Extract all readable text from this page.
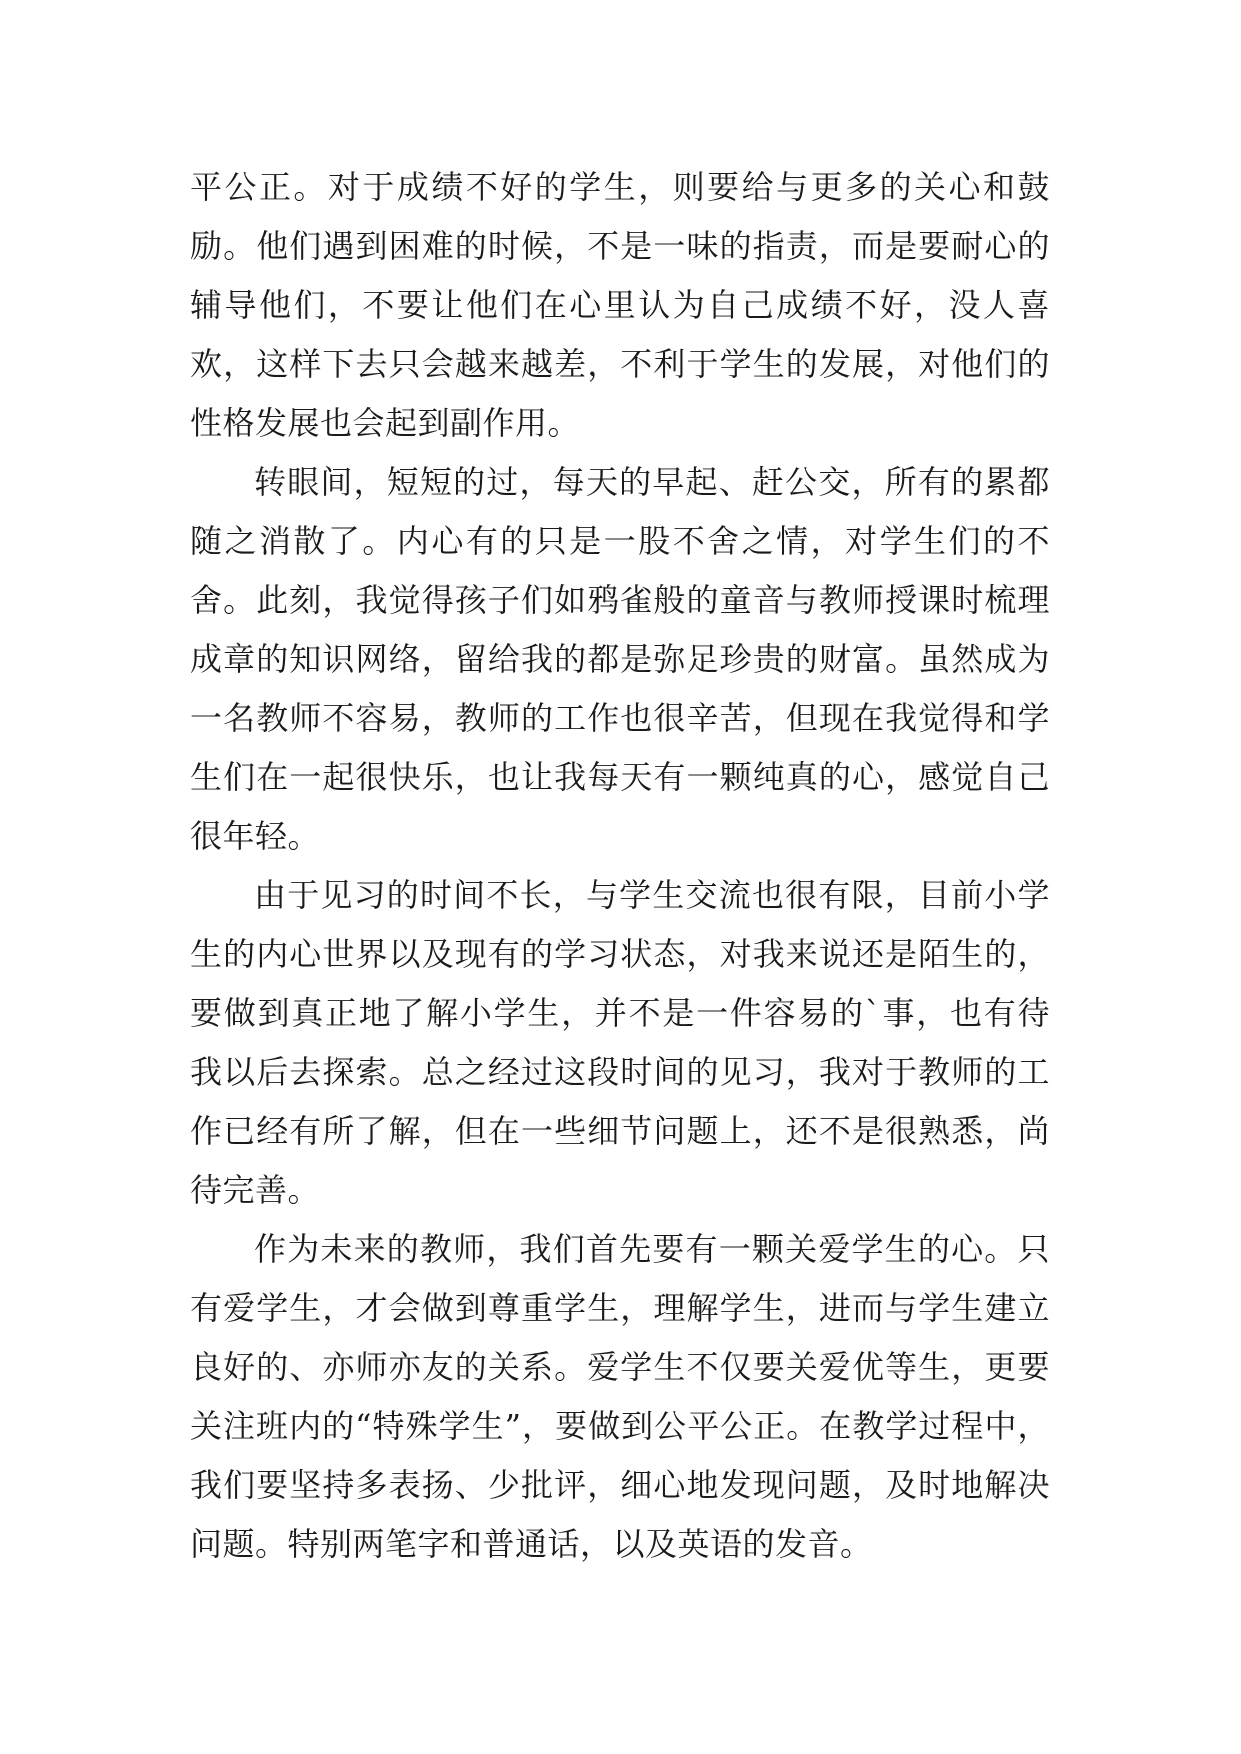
平公正。对于成绩不好的学生，则要给与更多的关心和鼓励。他们遇到困难的时候，不是一味的指责，而是要耐心的辅导他们，不要让他们在心里认为自己成绩不好，没人喜欢，这样下去只会越来越差，不利于学生的发展，对他们的性格发展也会起到副作用。

转眼间，短短的过，每天的早起、赶公交，所有的累都随之消散了。内心有的只是一股不舍之情，对学生们的不舍。此刻，我觉得孩子们如鸦雀般的童音与教师授课时梳理成章的知识网络，留给我的都是弥足珍贵的财富。虽然成为一名教师不容易，教师的工作也很辛苦，但现在我觉得和学生们在一起很快乐，也让我每天有一颗纯真的心，感觉自己很年轻。

由于见习的时间不长，与学生交流也很有限，目前小学生的内心世界以及现有的学习状态，对我来说还是陌生的，要做到真正地了解小学生，并不是一件容易的`事，也有待我以后去探索。总之经过这段时间的见习，我对于教师的工作已经有所了解，但在一些细节问题上，还不是很熟悉，尚待完善。

作为未来的教师，我们首先要有一颗关爱学生的心。只有爱学生，才会做到尊重学生，理解学生，进而与学生建立良好的、亦师亦友的关系。爱学生不仅要关爱优等生，更要关注班内的“特殊学生”，要做到公平公正。在教学过程中，我们要坚持多表扬、少批评，细心地发现问题，及时地解决问题。特别两笔字和普通话，以及英语的发音。
